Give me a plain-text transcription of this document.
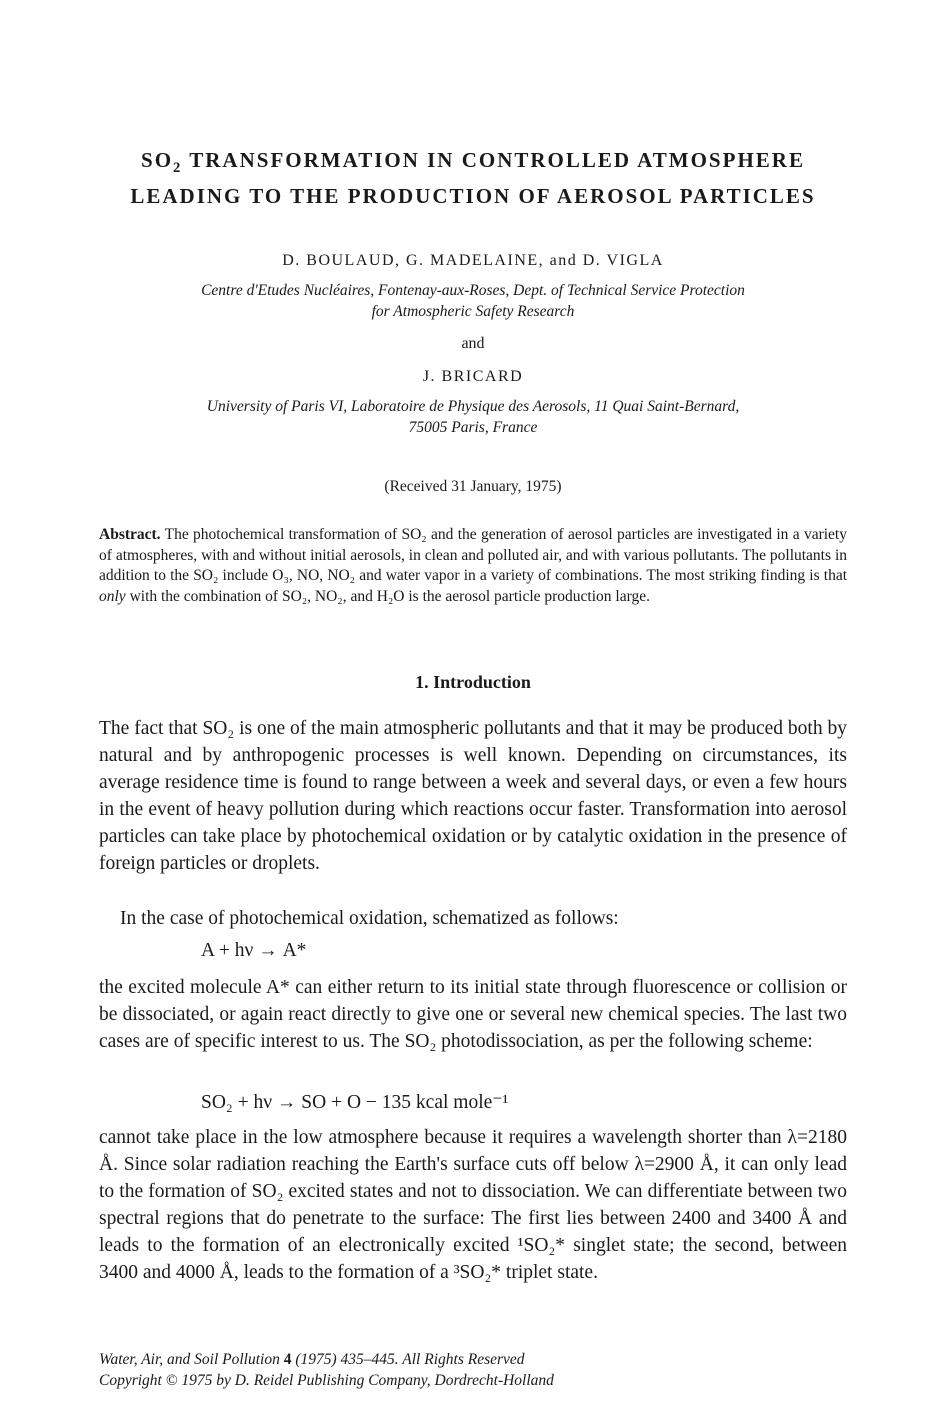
$SO_2$ TRANSFORMATION IN CONTROLLED ATMOSPHERE
LEADING TO THE PRODUCTION OF AEROSOL PARTICLES
D. BOULAUD, G. MADELAINE, and D. VIGLA
Centre d'Etudes Nucléaires, Fontenay-aux-Roses, Dept. of Technical Service Protection
for Atmospheric Safety Research
and
J. BRICARD
University of Paris VI, Laboratoire de Physique des Aerosols, 11 Quai Saint-Bernard,
75005 Paris, France
(Received 31 January, 1975)
Abstract. The photochemical transformation of SO₂ and the generation of aerosol particles are investigated in a variety of atmospheres, with and without initial aerosols, in clean and polluted air, and with various pollutants. The pollutants in addition to the SO₂ include O₃, NO, NO₂ and water vapor in a variety of combinations. The most striking finding is that only with the combination of SO₂, NO₂, and H₂O is the aerosol particle production large.
1. Introduction
The fact that SO₂ is one of the main atmospheric pollutants and that it may be produced both by natural and by anthropogenic processes is well known. Depending on circumstances, its average residence time is found to range between a week and several days, or even a few hours in the event of heavy pollution during which reactions occur faster. Transformation into aerosol particles can take place by photochemical oxidation or by catalytic oxidation in the presence of foreign particles or droplets.
In the case of photochemical oxidation, schematized as follows:
A + hν → A*
the excited molecule A* can either return to its initial state through fluorescence or collision or be dissociated, or again react directly to give one or several new chemical species. The last two cases are of specific interest to us. The SO₂ photodissociation, as per the following scheme:
SO₂ + hν → SO + O − 135 kcal mole⁻¹
cannot take place in the low atmosphere because it requires a wavelength shorter than λ=2180 Å. Since solar radiation reaching the Earth's surface cuts off below λ=2900 Å, it can only lead to the formation of SO₂ excited states and not to dissociation. We can differentiate between two spectral regions that do penetrate to the surface: The first lies between 2400 and 3400 Å and leads to the formation of an electronically excited ¹SO₂* singlet state; the second, between 3400 and 4000 Å, leads to the formation of a ³SO₂* triplet state.
Water, Air, and Soil Pollution 4 (1975) 435–445. All Rights Reserved
Copyright © 1975 by D. Reidel Publishing Company, Dordrecht-Holland
